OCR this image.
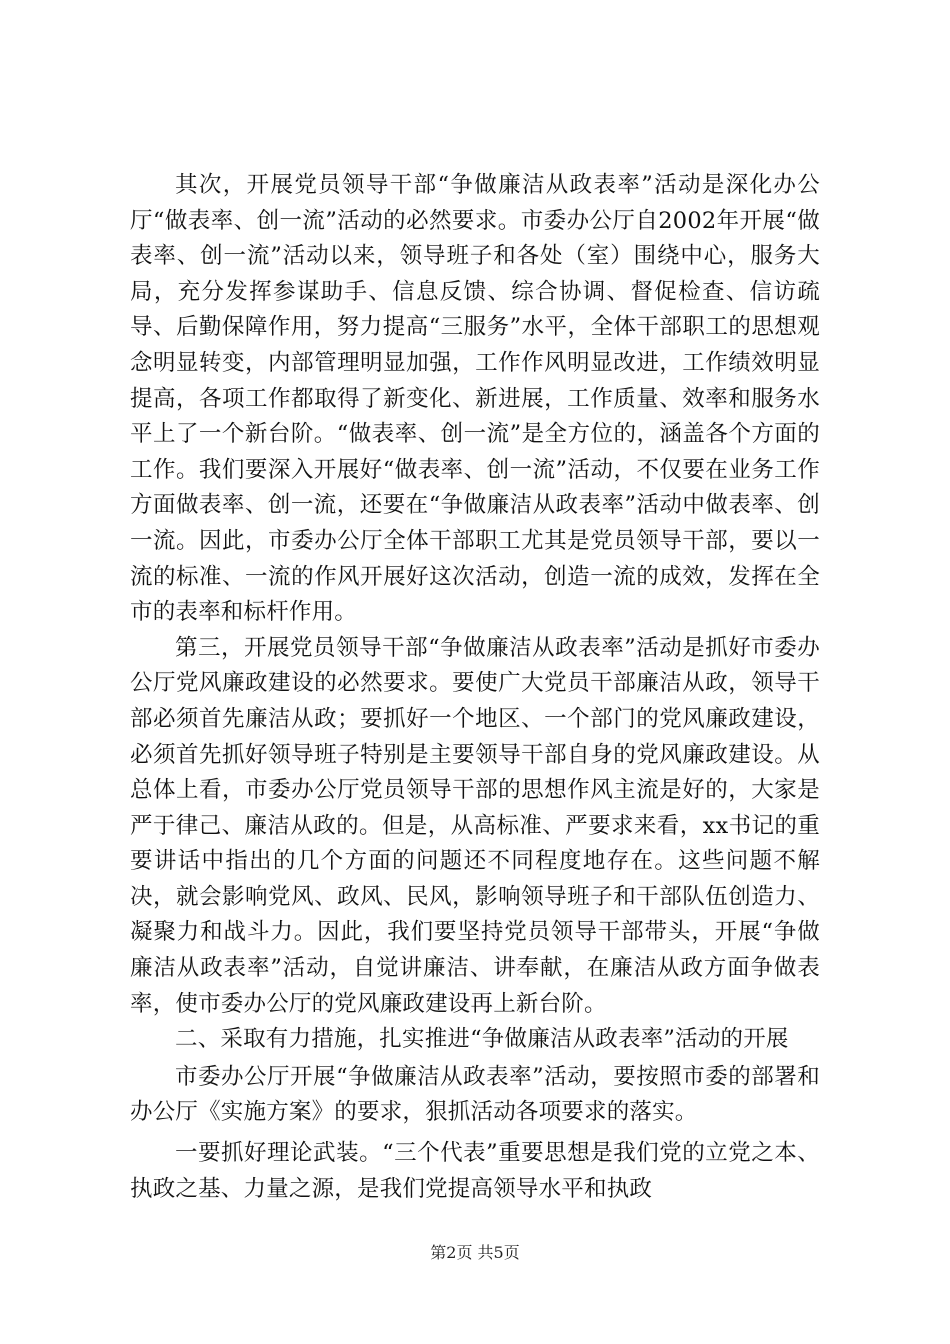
其次，开展党员领导干部“争做廉洁从政表率”活动是深化办公厅“做表率、创一流”活动的必然要求。市委办公厅自2002年开展“做表率、创一流”活动以来，领导班子和各处（室）围绕中心，服务大局，充分发挥参谋助手、信息反馈、综合协调、督促检查、信访疏导、后勤保障作用，努力提高“三服务”水平，全体干部职工的思想观念明显转变，内部管理明显加强，工作作风明显改进，工作绩效明显提高，各项工作都取得了新变化、新进展，工作质量、效率和服务水平上了一个新台阶。“做表率、创一流”是全方位的，涵盖各个方面的工作。我们要深入开展好“做表率、创一流”活动，不仅要在业务工作方面做表率、创一流，还要在“争做廉洁从政表率”活动中做表率、创一流。因此，市委办公厅全体干部职工尤其是党员领导干部，要以一流的标准、一流的作风开展好这次活动，创造一流的成效，发挥在全市的表率和标杆作用。

第三，开展党员领导干部“争做廉洁从政表率”活动是抓好市委办公厅党风廉政建设的必然要求。要使广大党员干部廉洁从政，领导干部必须首先廉洁从政；要抓好一个地区、一个部门的党风廉政建设，必须首先抓好领导班子特别是主要领导干部自身的党风廉政建设。从总体上看，市委办公厅党员领导干部的思想作风主流是好的，大家是严于律己、廉洁从政的。但是，从高标准、严要求来看，xx书记的重要讲话中指出的几个方面的问题还不同程度地存在。这些问题不解决，就会影响党风、政风、民风，影响领导班子和干部队伍创造力、凝聚力和战斗力。因此，我们要坚持党员领导干部带头，开展“争做廉洁从政表率”活动，自觉讲廉洁、讲奉献，在廉洁从政方面争做表率，使市委办公厅的党风廉政建设再上新台阶。

二、采取有力措施，扎实推进“争做廉洁从政表率”活动的开展

市委办公厅开展“争做廉洁从政表率”活动，要按照市委的部署和办公厅《实施方案》的要求，狠抓活动各项要求的落实。

一要抓好理论武装。“三个代表”重要思想是我们党的立党之本、执政之基、力量之源，是我们党提高领导水平和执政

第2页 共5页
